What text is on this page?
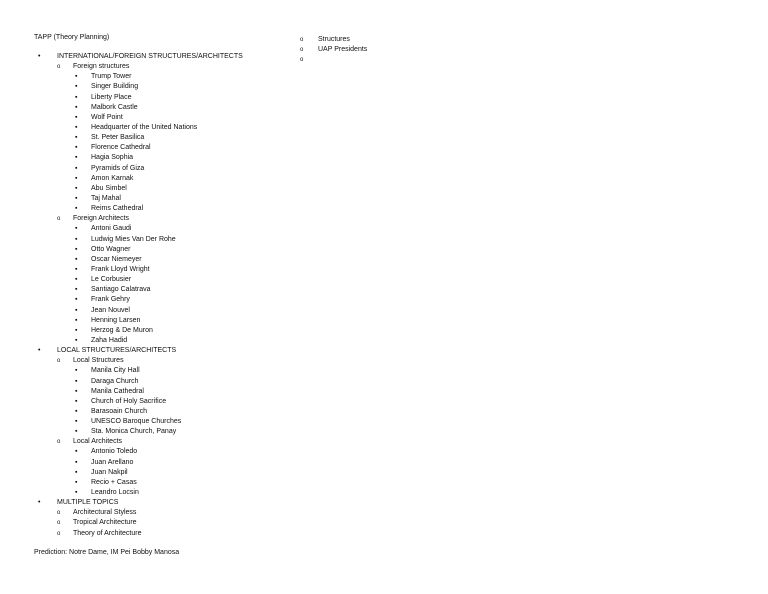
TAPP (Theory Planning)
• INTERNATIONAL/FOREIGN STRUCTURES/ARCHITECTS
o Foreign structures
▪ Trump Tower
▪ Singer Building
▪ Liberty Place
▪ Malbork Castle
▪ Wolf Point
▪ Headquarter of the United Nations
▪ St. Peter Basilica
▪ Florence Cathedral
▪ Hagia Sophia
▪ Pyramids of Giza
▪ Amon Karnak
▪ Abu Simbel
▪ Taj Mahal
▪ Reims Cathedral
o Foreign Architects
▪ Antoni Gaudi
▪ Ludwig Mies Van Der Rohe
▪ Otto Wagner
▪ Oscar Niemeyer
▪ Frank Lloyd Wright
▪ Le Corbusier
▪ Santiago Calatrava
▪ Frank Gehry
▪ Jean Nouvel
▪ Henning Larsen
▪ Herzog & De Muron
▪ Zaha Hadid
• LOCAL STRUCTURES/ARCHITECTS
o Local Structures
▪ Manila City Hall
▪ Daraga Church
▪ Manila Cathedral
▪ Church of Holy Sacrifice
▪ Barasoain Church
▪ UNESCO Baroque Churches
▪ Sta. Monica Church, Panay
o Local Architects
▪ Antonio Toledo
▪ Juan Arellano
▪ Juan Nakpil
▪ Recio + Casas
▪ Leandro Locsin
• MULTIPLE TOPICS
o Architectural Styless
o Tropical Architecture
o Theory of Architecture
o Structures
o UAP Presidents
o
Prediction: Notre Dame, IM Pei Bobby Manosa
